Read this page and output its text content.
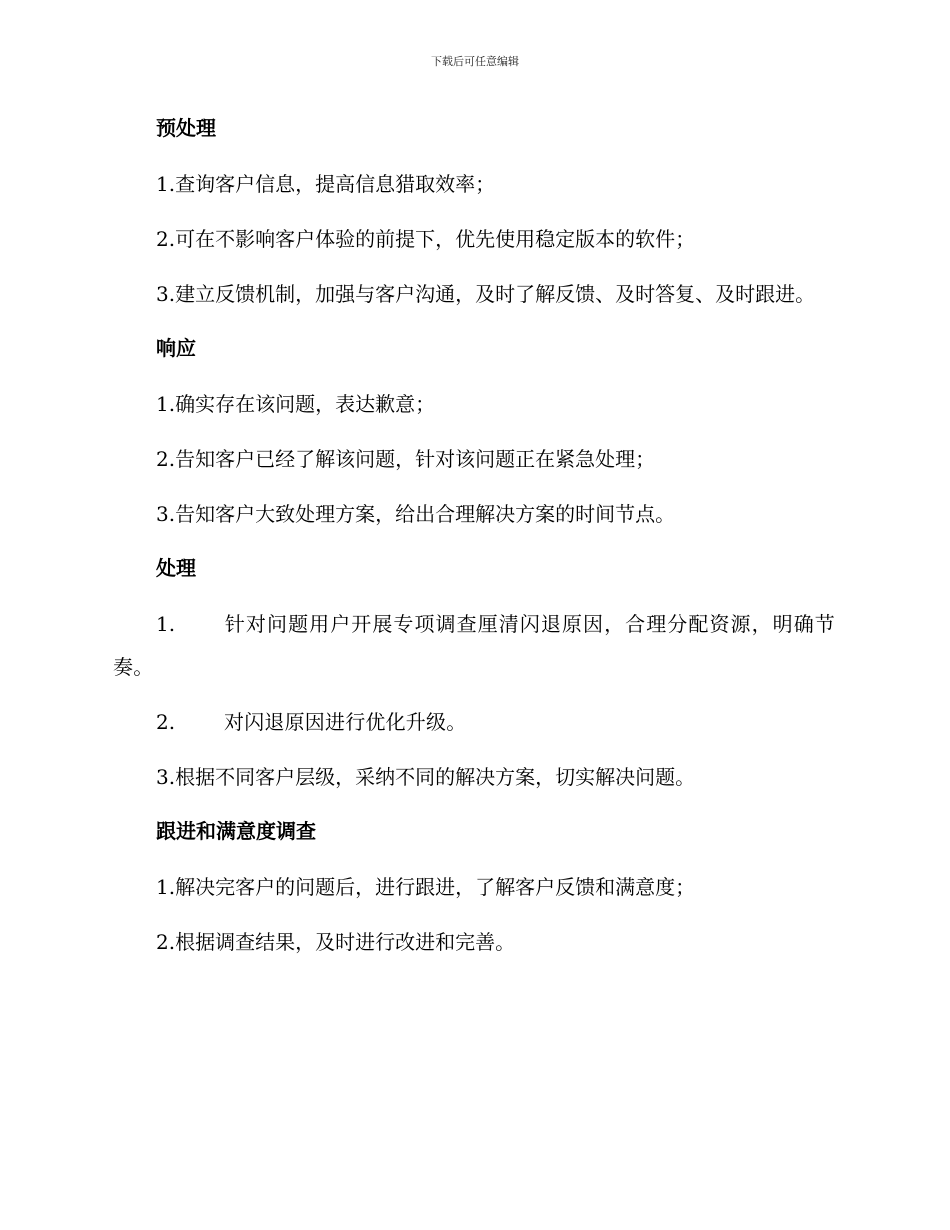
下载后可任意编辑
预处理

1.查询客户信息，提高信息猎取效率；

2.可在不影响客户体验的前提下，优先使用稳定版本的软件；

3.建立反馈机制，加强与客户沟通，及时了解反馈、及时答复、及时跟进。

响应

1.确实存在该问题，表达歉意；

2.告知客户已经了解该问题，针对该问题正在紧急处理；

3.告知客户大致处理方案，给出合理解决方案的时间节点。

处理

1. 针对问题用户开展专项调查厘清闪退原因，合理分配资源，明确节奏。

2. 对闪退原因进行优化升级。

3.根据不同客户层级，采纳不同的解决方案，切实解决问题。

跟进和满意度调查

1.解决完客户的问题后，进行跟进，了解客户反馈和满意度；

2.根据调查结果，及时进行改进和完善。
